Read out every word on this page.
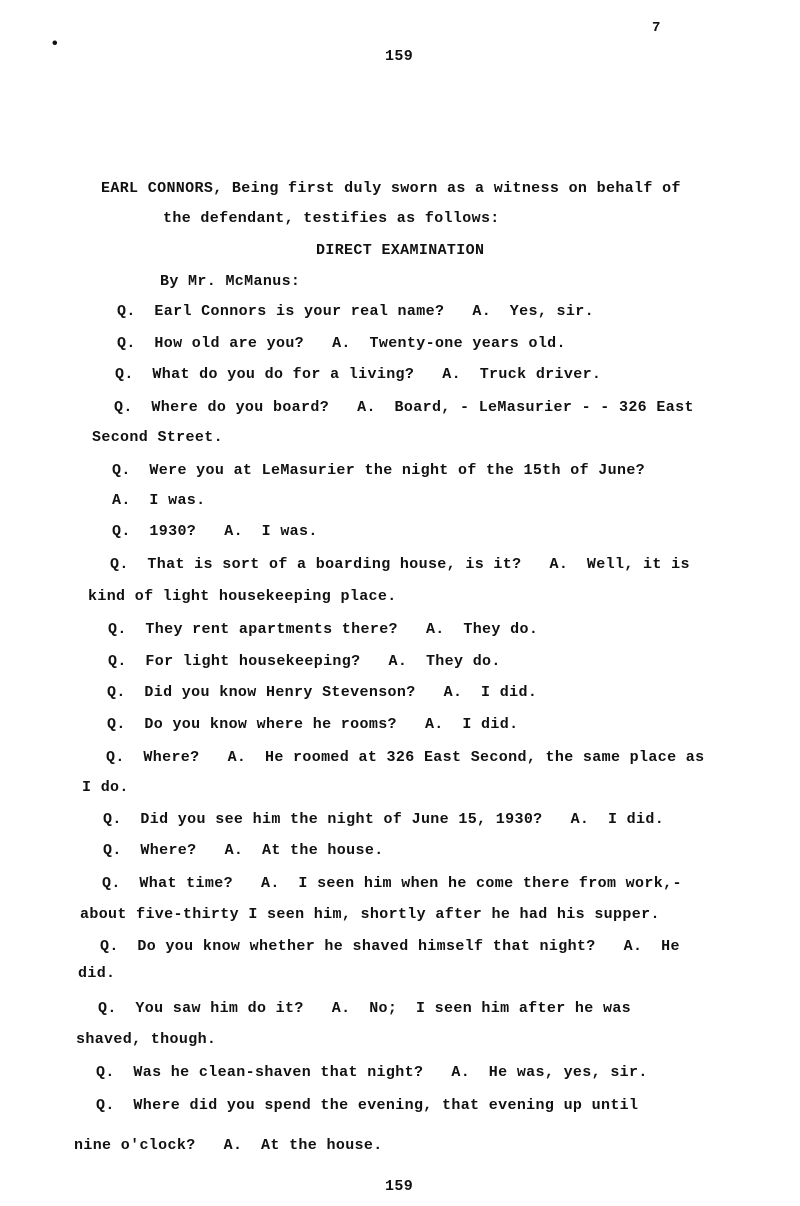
•
7
159
EARL CONNORS, Being first duly sworn as a witness on behalf of
the defendant, testifies as follows:
DIRECT EXAMINATION
By Mr. McManus:
Q.  Earl Connors is your real name?   A.  Yes, sir.
Q.  How old are you?   A.  Twenty-one years old.
Q.  What do you do for a living?   A.  Truck driver.
Q.  Where do you board?   A.  Board, - LeMasurier - - 326 East
Second Street.
Q.  Were you at LeMasurier the night of the 15th of June?
A.  I was.
Q.  1930?   A.  I was.
Q.  That is sort of a boarding house, is it?   A.  Well, it is
kind of light housekeeping place.
Q.  They rent apartments there?   A.  They do.
Q.  For light housekeeping?   A.  They do.
Q.  Did you know Henry Stevenson?   A.  I did.
Q.  Do you know where he rooms?   A.  I did.
Q.  Where?   A.  He roomed at 326 East Second, the same place as
I do.
Q.  Did you see him the night of June 15, 1930?   A.  I did.
Q.  Where?   A.  At the house.
Q.  What time?   A.  I seen him when he come there from work,-
about five-thirty I seen him, shortly after he had his supper.
Q.  Do you know whether he shaved himself that night?   A.  He
did.
Q.  You saw him do it?   A.  No;  I seen him after he was
shaved, though.
Q.  Was he clean-shaven that night?   A.  He was, yes, sir.
Q.  Where did you spend the evening, that evening up until
nine o'clock?   A.  At the house.
159
